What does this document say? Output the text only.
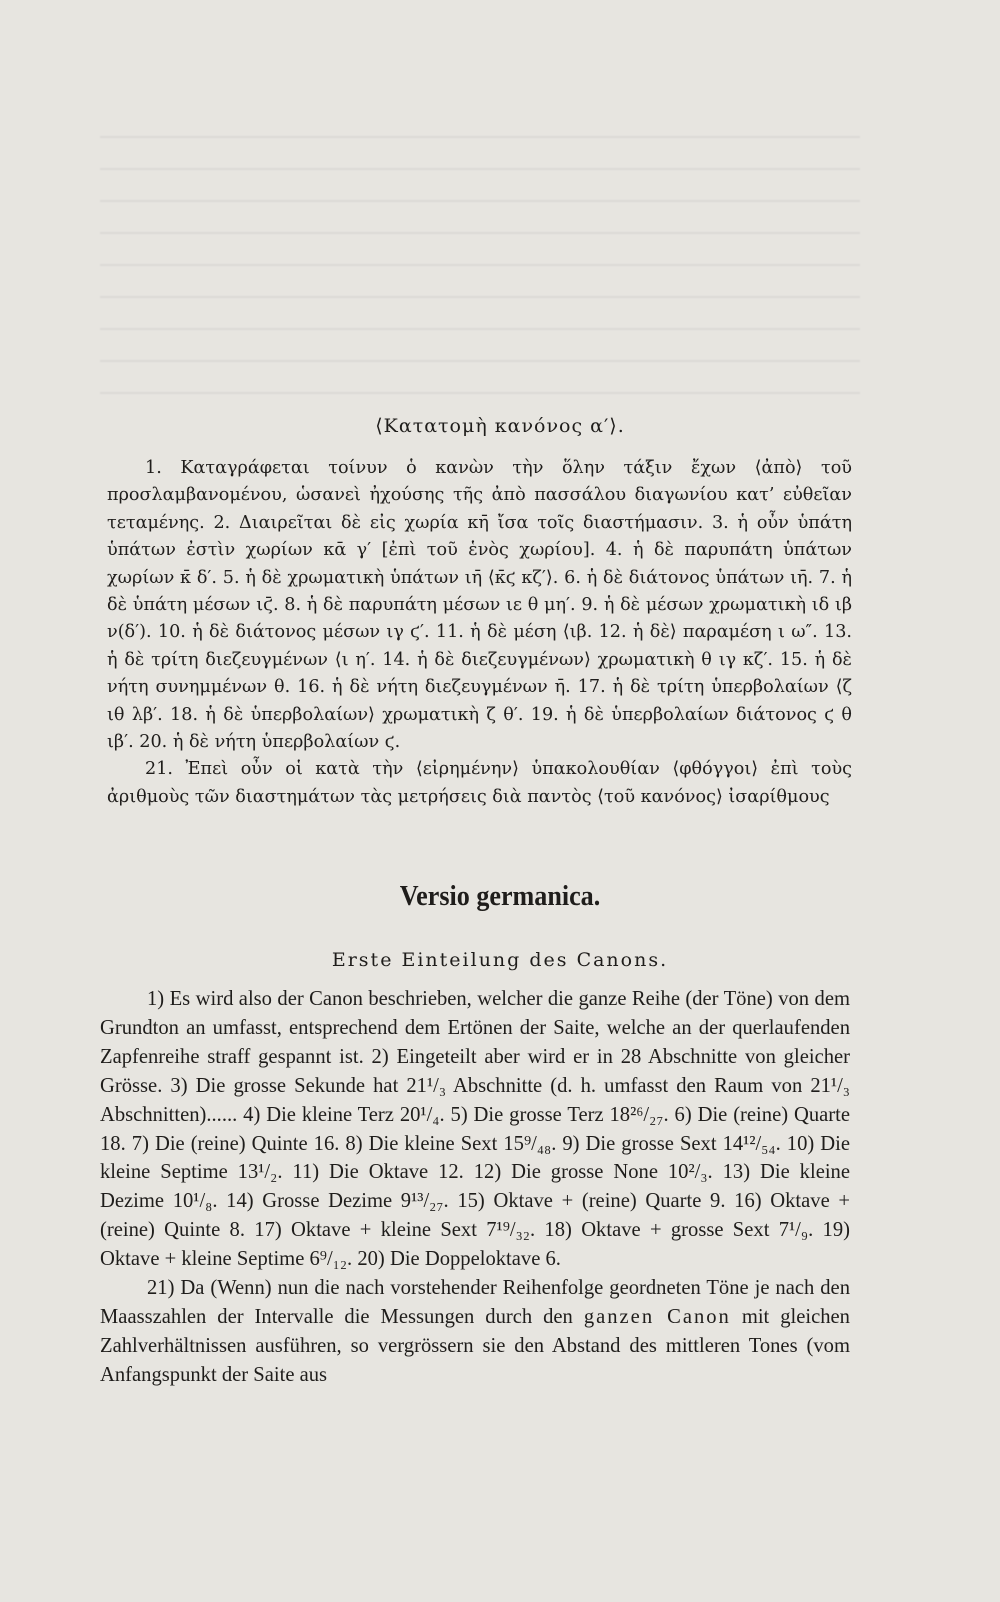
⟨Κατατομὴ κανόνος α′⟩.

1. Καταγράφεται τοίνυν ὁ κανὼν τὴν ὅλην τάξιν ἔχων ⟨ἀπὸ⟩ τοῦ προσλαμβανομένου, ὡσανεὶ ἠχούσης τῆς ἀπὸ πασσάλου διαγωνίου κατ’ εὐθεῖαν τεταμένης. 2. Διαιρεῖται δὲ εἰς χωρία κη̄ ἴσα τοῖς διαστήμασιν. 3. ἡ οὖν ὑπάτη ὑπάτων ἐστὶν χωρίων κᾱ γ′ [ἐπὶ τοῦ ἑνὸς χωρίου]. 4. ἡ δὲ παρυπάτη ὑπάτων χωρίων κ̄ δ′. 5. ἡ δὲ χρωματικὴ ὑπάτων ιη̄ ⟨κ̄ϛ κζ′⟩. 6. ἡ δὲ διάτονος ὑπάτων ιη̄. 7. ἡ δὲ ὑπάτη μέσων ιϛ̄. 8. ἡ δὲ παρυπάτη μέσων ιε θ μη′. 9. ἡ δὲ μέσων χρωματικὴ ιδ ιβ ν(δ′). 10. ἡ δὲ διάτονος μέσων ιγ ϛ′. 11. ἡ δὲ μέση ⟨ιβ. 12. ἡ δὲ⟩ παραμέση ι ω″. 13. ἡ δὲ τρίτη διεζευγμένων ⟨ι η′. 14. ἡ δὲ διεζευγμένων⟩ χρωματικὴ θ ιγ κζ′. 15. ἡ δὲ νήτη συνημμένων θ. 16. ἡ δὲ νήτη διεζευγμένων η̄. 17. ἡ δὲ τρίτη ὑπερβολαίων ⟨ζ ιθ λβ′. 18. ἡ δὲ ὑπερβολαίων⟩ χρωματικὴ ζ θ′. 19. ἡ δὲ ὑπερβολαίων διάτονος ϛ θ ιβ′. 20. ἡ δὲ νήτη ὑπερβολαίων ϛ.

21. Ἐπεὶ οὖν οἱ κατὰ τὴν ⟨εἰρημένην⟩ ὑπακολουθίαν ⟨φθόγγοι⟩ ἐπὶ τοὺς ἀριθμοὺς τῶν διαστημάτων τὰς μετρήσεις διὰ παντὸς ⟨τοῦ κανόνος⟩ ἰσαρίθμους

Versio germanica.
Erste Einteilung des Canons.

1) Es wird also der Canon beschrieben, welcher die ganze Reihe (der Töne) von dem Grundton an umfasst, entsprechend dem Ertönen der Saite, welche an der querlaufenden Zapfenreihe straff gespannt ist. 2) Eingeteilt aber wird er in 28 Abschnitte von gleicher Grösse. 3) Die grosse Sekunde hat 21¹/₃ Abschnitte (d. h. umfasst den Raum von 21¹/₃ Abschnitten)...... 4) Die kleine Terz 20¹/₄. 5) Die grosse Terz 18²⁶/₂₇. 6) Die (reine) Quarte 18. 7) Die (reine) Quinte 16. 8) Die kleine Sext 15⁹/₄₈. 9) Die grosse Sext 14¹²/₅₄. 10) Die kleine Septime 13¹/₂. 11) Die Oktave 12. 12) Die grosse None 10²/₃. 13) Die kleine Dezime 10¹/₈. 14) Grosse Dezime 9¹³/₂₇. 15) Oktave + (reine) Quarte 9. 16) Oktave + (reine) Quinte 8. 17) Oktave + kleine Sext 7¹⁹/₃₂. 18) Oktave + grosse Sext 7¹/₉. 19) Oktave + kleine Septime 6⁹/₁₂. 20) Die Doppeloktave 6.

21) Da (Wenn) nun die nach vorstehender Reihenfolge geordneten Töne je nach den Maasszahlen der Intervalle die Messungen durch den ganzen Canon mit gleichen Zahlverhältnissen ausführen, so vergrössern sie den Abstand des mittleren Tones (vom Anfangspunkt der Saite aus
